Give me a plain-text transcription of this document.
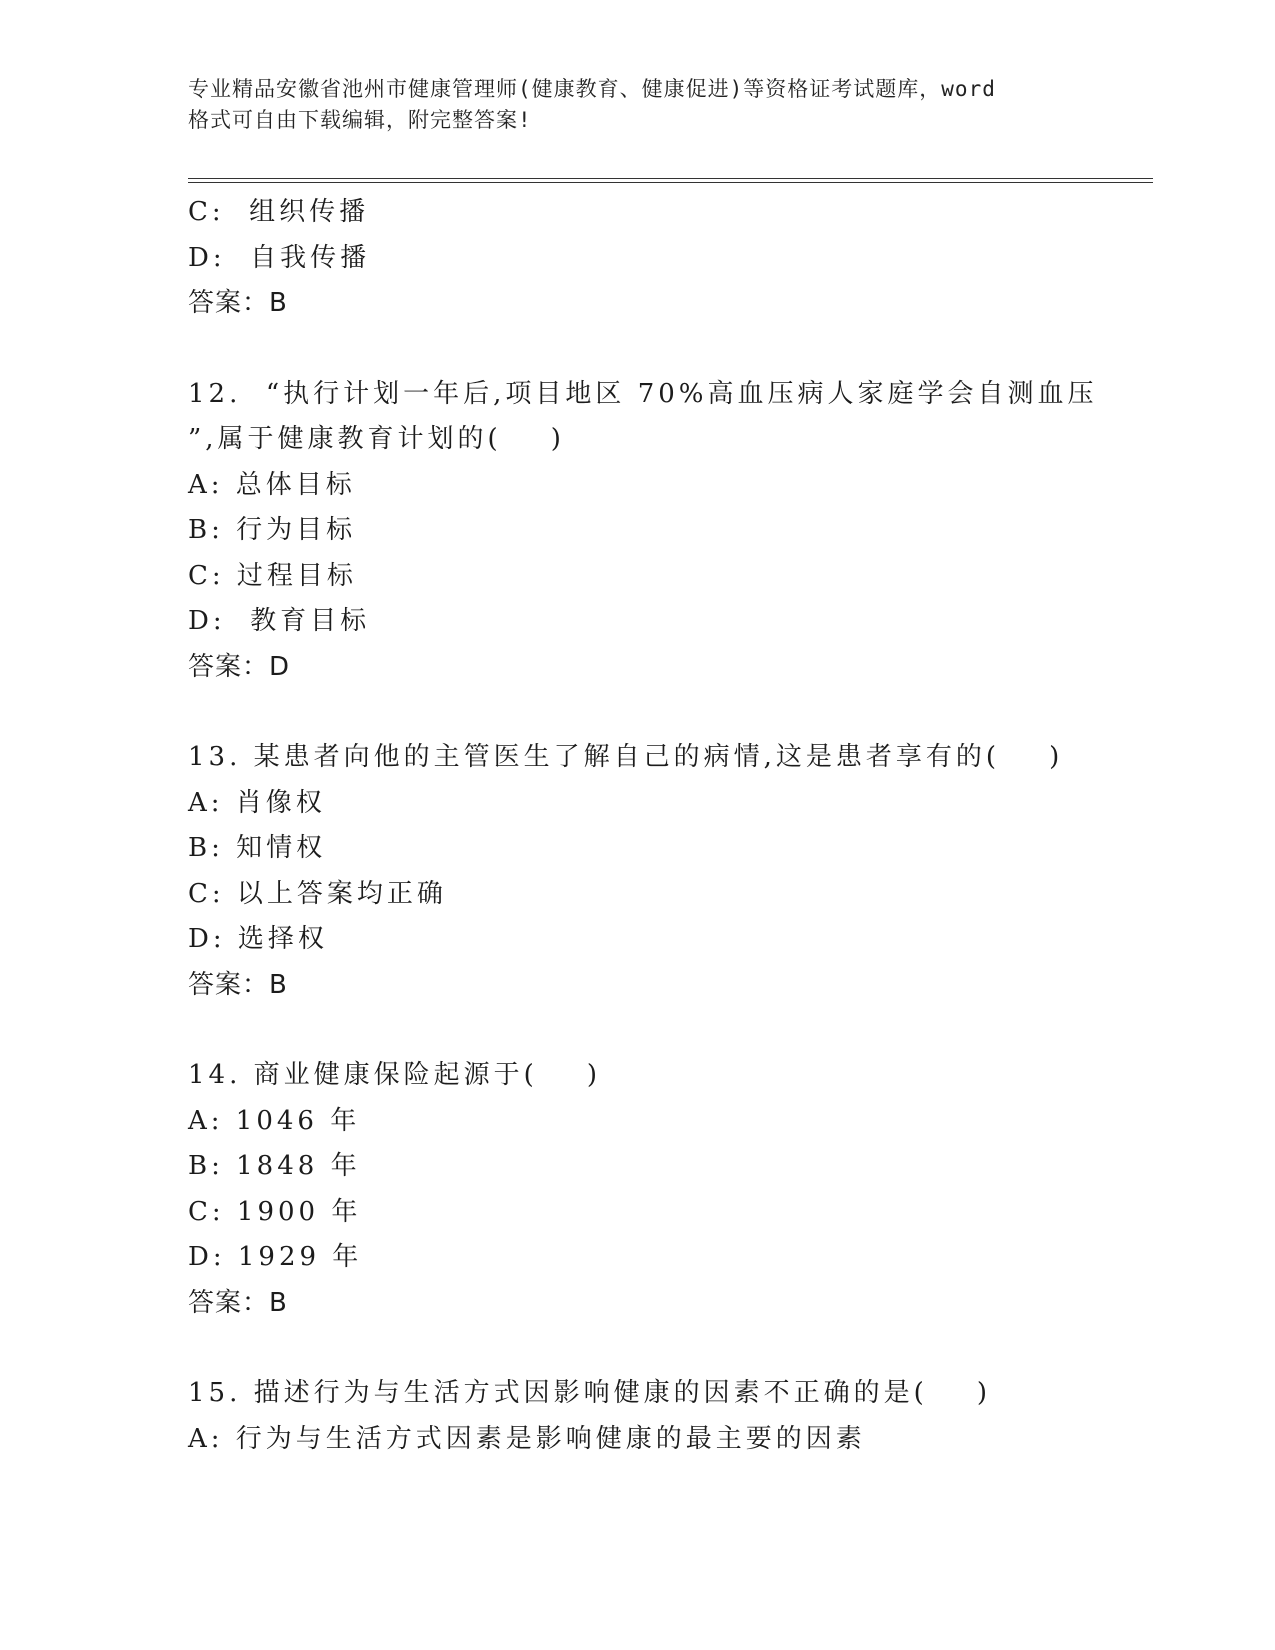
专业精品安徽省池州市健康管理师(健康教育、健康促进)等资格证考试题库，word
格式可自由下载编辑，附完整答案!
C:  组织传播
D:  自我传播
答案：B
12.  “执行计划一年后,项目地区 70%高血压病人家庭学会自测血压
”,属于健康教育计划的(    )
A: 总体目标
B: 行为目标
C: 过程目标
D:  教育目标
答案：D
13. 某患者向他的主管医生了解自己的病情,这是患者享有的(    )
A: 肖像权
B: 知情权
C: 以上答案均正确
D: 选择权
答案：B
14. 商业健康保险起源于(    )
A: 1046 年
B: 1848 年
C: 1900 年
D: 1929 年
答案：B
15. 描述行为与生活方式因影响健康的因素不正确的是(    )
A: 行为与生活方式因素是影响健康的最主要的因素
